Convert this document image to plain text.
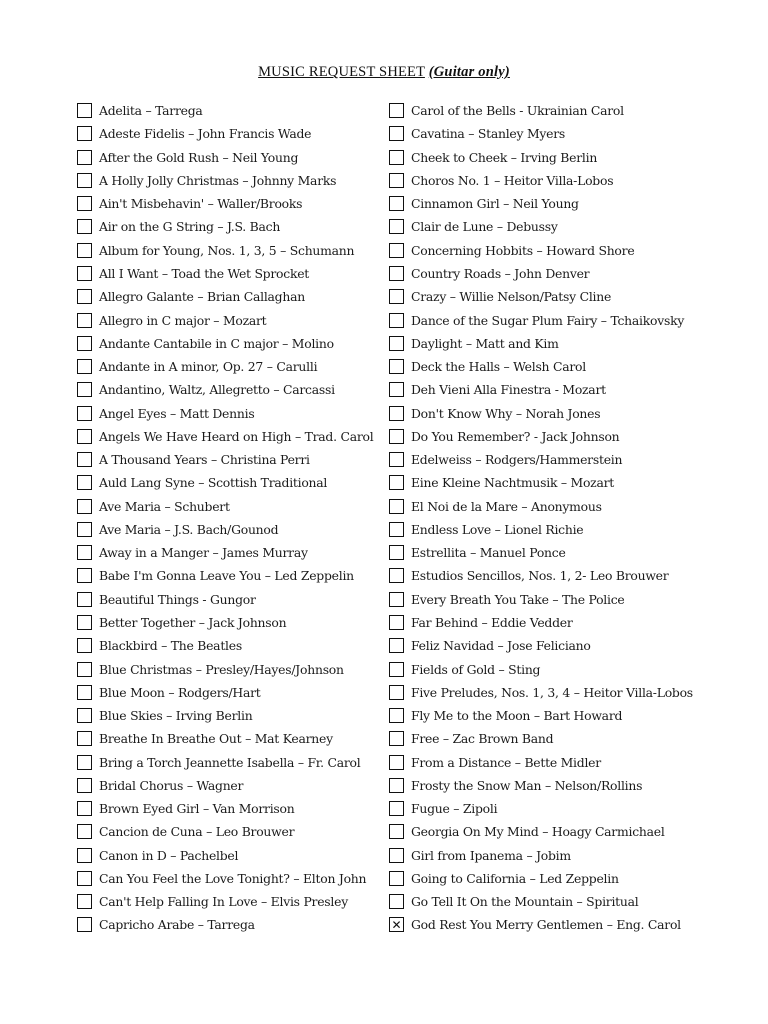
MUSIC REQUEST SHEET (Guitar only)
Adelita – Tarrega
Adeste Fidelis – John Francis Wade
After the Gold Rush – Neil Young
A Holly Jolly Christmas – Johnny Marks
Ain't Misbehavin' – Waller/Brooks
Air on the G String – J.S. Bach
Album for Young, Nos. 1, 3, 5 – Schumann
All I Want – Toad the Wet Sprocket
Allegro Galante – Brian Callaghan
Allegro in C major – Mozart
Andante Cantabile in C major – Molino
Andante in A minor, Op. 27 – Carulli
Andantino, Waltz, Allegretto – Carcassi
Angel Eyes – Matt Dennis
Angels We Have Heard on High – Trad. Carol
A Thousand Years – Christina Perri
Auld Lang Syne – Scottish Traditional
Ave Maria – Schubert
Ave Maria – J.S. Bach/Gounod
Away in a Manger – James Murray
Babe I'm Gonna Leave You – Led Zeppelin
Beautiful Things - Gungor
Better Together – Jack Johnson
Blackbird – The Beatles
Blue Christmas – Presley/Hayes/Johnson
Blue Moon – Rodgers/Hart
Blue Skies – Irving Berlin
Breathe In Breathe Out – Mat Kearney
Bring a Torch Jeannette Isabella – Fr. Carol
Bridal Chorus – Wagner
Brown Eyed Girl – Van Morrison
Cancion de Cuna – Leo Brouwer
Canon in D – Pachelbel
Can You Feel the Love Tonight? – Elton John
Can't Help Falling In Love – Elvis Presley
Capricho Arabe – Tarrega
Carol of the Bells - Ukrainian Carol
Cavatina – Stanley Myers
Cheek to Cheek – Irving Berlin
Choros No. 1 – Heitor Villa-Lobos
Cinnamon Girl – Neil Young
Clair de Lune – Debussy
Concerning Hobbits – Howard Shore
Country Roads – John Denver
Crazy – Willie Nelson/Patsy Cline
Dance of the Sugar Plum Fairy – Tchaikovsky
Daylight – Matt and Kim
Deck the Halls – Welsh Carol
Deh Vieni Alla Finestra - Mozart
Don't Know Why – Norah Jones
Do You Remember? - Jack Johnson
Edelweiss – Rodgers/Hammerstein
Eine Kleine Nachtmusik – Mozart
El Noi de la Mare – Anonymous
Endless Love – Lionel Richie
Estrellita – Manuel Ponce
Estudios Sencillos, Nos. 1, 2- Leo Brouwer
Every Breath You Take – The Police
Far Behind – Eddie Vedder
Feliz Navidad – Jose Feliciano
Fields of Gold – Sting
Five Preludes, Nos. 1, 3, 4 – Heitor Villa-Lobos
Fly Me to the Moon – Bart Howard
Free – Zac Brown Band
From a Distance – Bette Midler
Frosty the Snow Man – Nelson/Rollins
Fugue – Zipoli
Georgia On My Mind – Hoagy Carmichael
Girl from Ipanema – Jobim
Going to California – Led Zeppelin
Go Tell It On the Mountain – Spiritual
✕ God Rest You Merry Gentlemen – Eng. Carol
